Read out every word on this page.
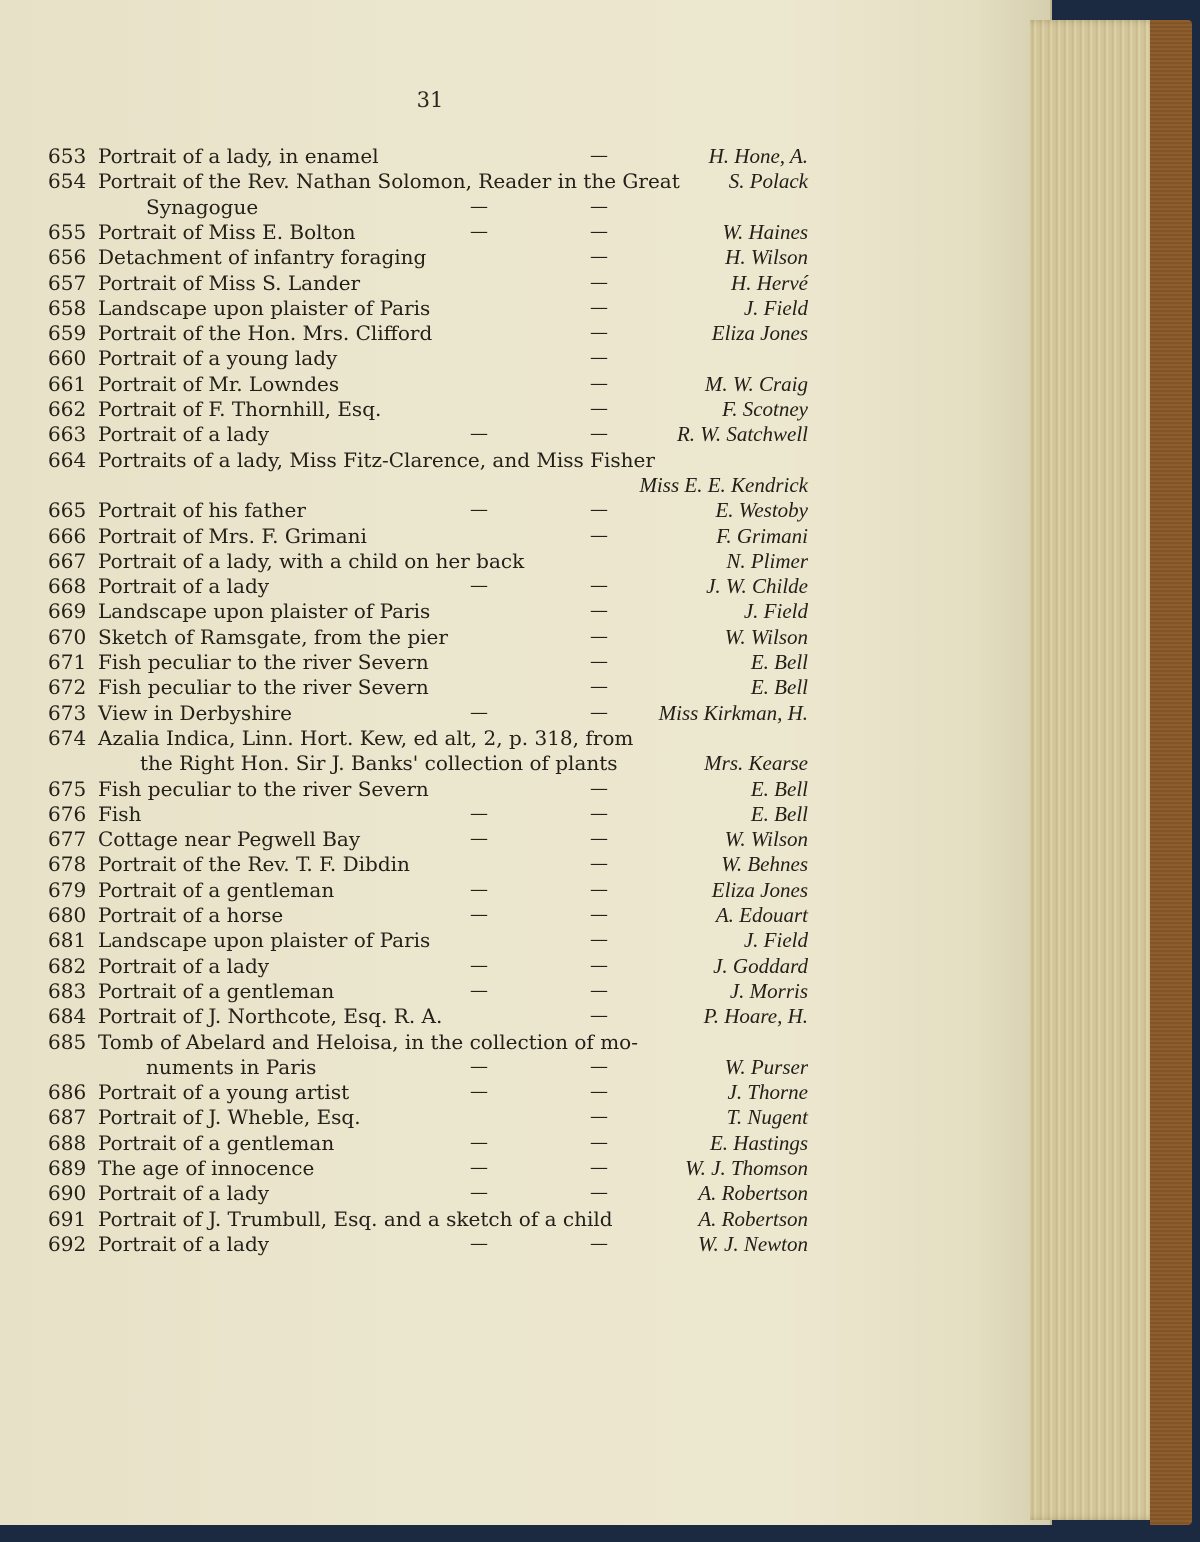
31
653 Portrait of a lady, in enamel	—	H. Hone, A.
654 Portrait of the Rev. Nathan Solomon, Reader in the Great S. Polack
Synagogue	—	—
655 Portrait of Miss E. Bolton	—	—	W. Haines
656 Detachment of infantry foraging	—	H. Wilson
657 Portrait of Miss S. Lander	—	H. Hervé
658 Landscape upon plaister of Paris	—	J. Field
659 Portrait of the Hon. Mrs. Clifford	—	Eliza Jones
660 Portrait of a young lady	—
661 Portrait of Mr. Lowndes	—	M. W. Craig
662 Portrait of F. Thornhill, Esq.	—	F. Scotney
663 Portrait of a lady	—	—	R. W. Satchwell
664 Portraits of a lady, Miss Fitz-Clarence, and Miss Fisher
Miss E. E. Kendrick
665 Portrait of his father	—	—	E. Westoby
666 Portrait of Mrs. F. Grimani	—	F. Grimani
667 Portrait of a lady, with a child on her back	N. Plimer
668 Portrait of a lady	—	—	J. W. Childe
669 Landscape upon plaister of Paris	—	J. Field
670 Sketch of Ramsgate, from the pier	—	W. Wilson
671 Fish peculiar to the river Severn	—	E. Bell
672 Fish peculiar to the river Severn	—	E. Bell
673 View in Derbyshire	—	— Miss Kirkman, H.
674 Azalia Indica, Linn. Hort. Kew, ed alt, 2, p. 318, from
the Right Hon. Sir J. Banks' collection of plants	Mrs. Kearse
675 Fish peculiar to the river Severn	—	E. Bell
676 Fish	—	—	E. Bell
677 Cottage near Pegwell Bay	—	—	W. Wilson
678 Portrait of the Rev. T. F. Dibdin	—	W. Behnes
679 Portrait of a gentleman	—	—	Eliza Jones
680 Portrait of a horse	—	—	A. Edouart
681 Landscape upon plaister of Paris	—	J. Field
682 Portrait of a lady	—	—	J. Goddard
683 Portrait of a gentleman	—	—	J. Morris
684 Portrait of J. Northcote, Esq. R. A.	—	P. Hoare, H.
685 Tomb of Abelard and Heloisa, in the collection of mo-
numents in Paris	—	—	W. Purser
686 Portrait of a young artist	—	—	J. Thorne
687 Portrait of J. Wheble, Esq.	—	T. Nugent
688 Portrait of a gentleman	—	—	E. Hastings
689 The age of innocence	—	—	W. J. Thomson
690 Portrait of a lady	—	—	A. Robertson
691 Portrait of J. Trumbull, Esq. and a sketch of a child	A. Robertson
692 Portrait of a lady	—	—	W. J. Newton
